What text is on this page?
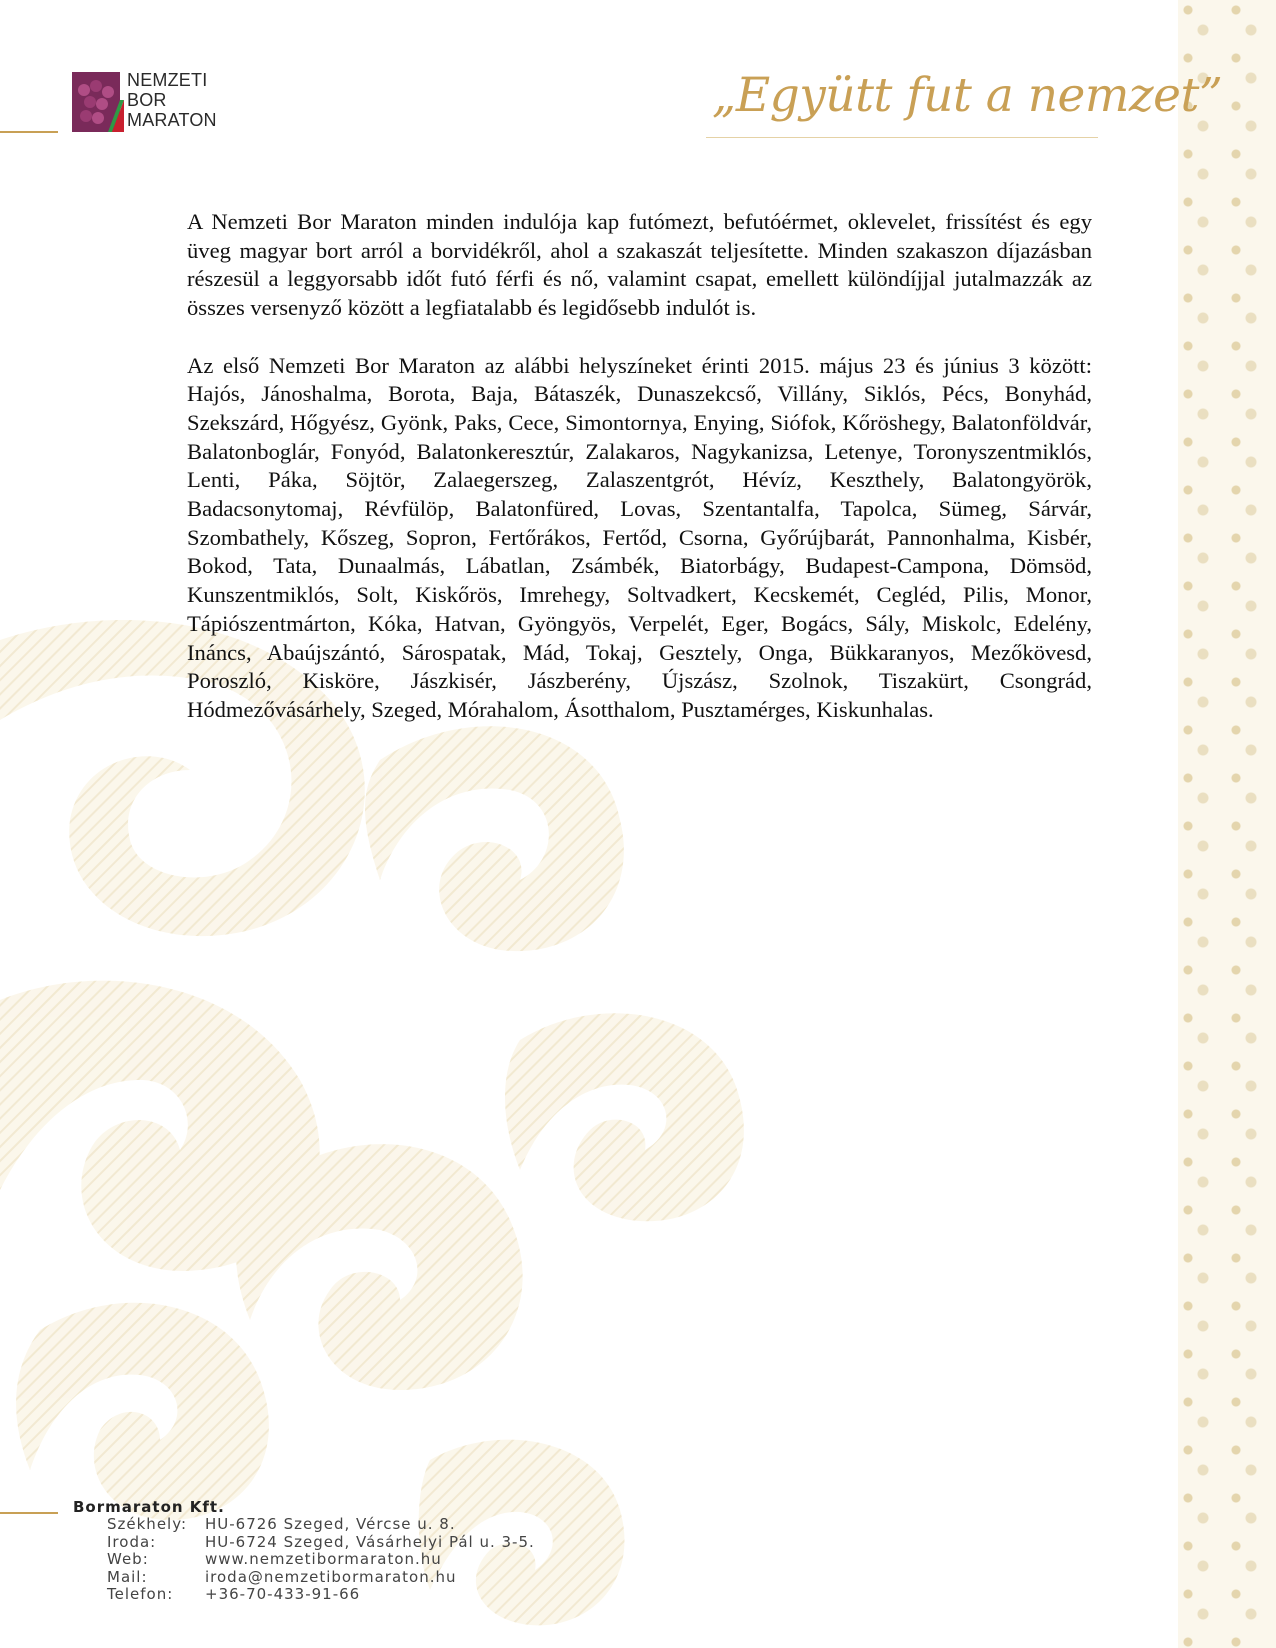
NEMZETI
BOR
MARATON	„Együtt fut a nemzet”

A Nemzeti Bor Maraton minden indulója kap futómezt, befutóérmet, oklevelet, frissítést és egy üveg magyar bort arról a borvidékről, ahol a szakaszát teljesítette. Minden szakaszon díjazásban részesül a leggyorsabb időt futó férfi és nő, valamint csapat, emellett különdíjjal jutalmazzák az összes versenyző között a legfiatalabb és legidősebb indulót is.

Az első Nemzeti Bor Maraton az alábbi helyszíneket érinti 2015. május 23 és június 3 között: Hajós, Jánoshalma, Borota, Baja, Bátaszék, Dunaszekcső, Villány, Siklós, Pécs, Bonyhád, Szekszárd, Hőgyész, Gyönk, Paks, Cece, Simontornya, Enying, Siófok, Kőröshegy, Balatonföldvár, Balatonboglár, Fonyód, Balatonkeresztúr, Zalakaros, Nagykanizsa, Letenye, Toronyszentmiklós, Lenti, Páka, Söjtör, Zalaegerszeg, Zalaszentgrót, Hévíz, Keszthely, Balatongyörök, Badacsonytomaj, Révfülöp, Balatonfüred, Lovas, Szentantalfa, Tapolca, Sümeg, Sárvár, Szombathely, Kőszeg, Sopron, Fertőrákos, Fertőd, Csorna, Győrújbarát, Pannonhalma, Kisbér, Bokod, Tata, Dunaalmás, Lábatlan, Zsámbék, Biatorbágy, Budapest-Campona, Dömsöd, Kunszentmiklós, Solt, Kiskőrös, Imrehegy, Soltvadkert, Kecskemét, Cegléd, Pilis, Monor, Tápiószentmárton, Kóka, Hatvan, Gyöngyös, Verpelét, Eger, Bogács, Sály, Miskolc, Edelény, Ináncs, Abaújszántó, Sárospatak, Mád, Tokaj, Gesztely, Onga, Bükkaranyos, Mezőkövesd, Poroszló, Kisköre, Jászkisér, Jászberény, Újszász, Szolnok, Tiszakürt, Csongrád, Hódmezővásárhely, Szeged, Mórahalom, Ásotthalom, Pusztamérges, Kiskunhalas.

Bormaraton Kft.
Székhely:	HU-6726 Szeged, Vércse u. 8.
Iroda:	HU-6724 Szeged, Vásárhelyi Pál u. 3-5.
Web:	www.nemzetibormaraton.hu
Mail:	iroda@nemzetibormaraton.hu
Telefon:	+36-70-433-91-66
